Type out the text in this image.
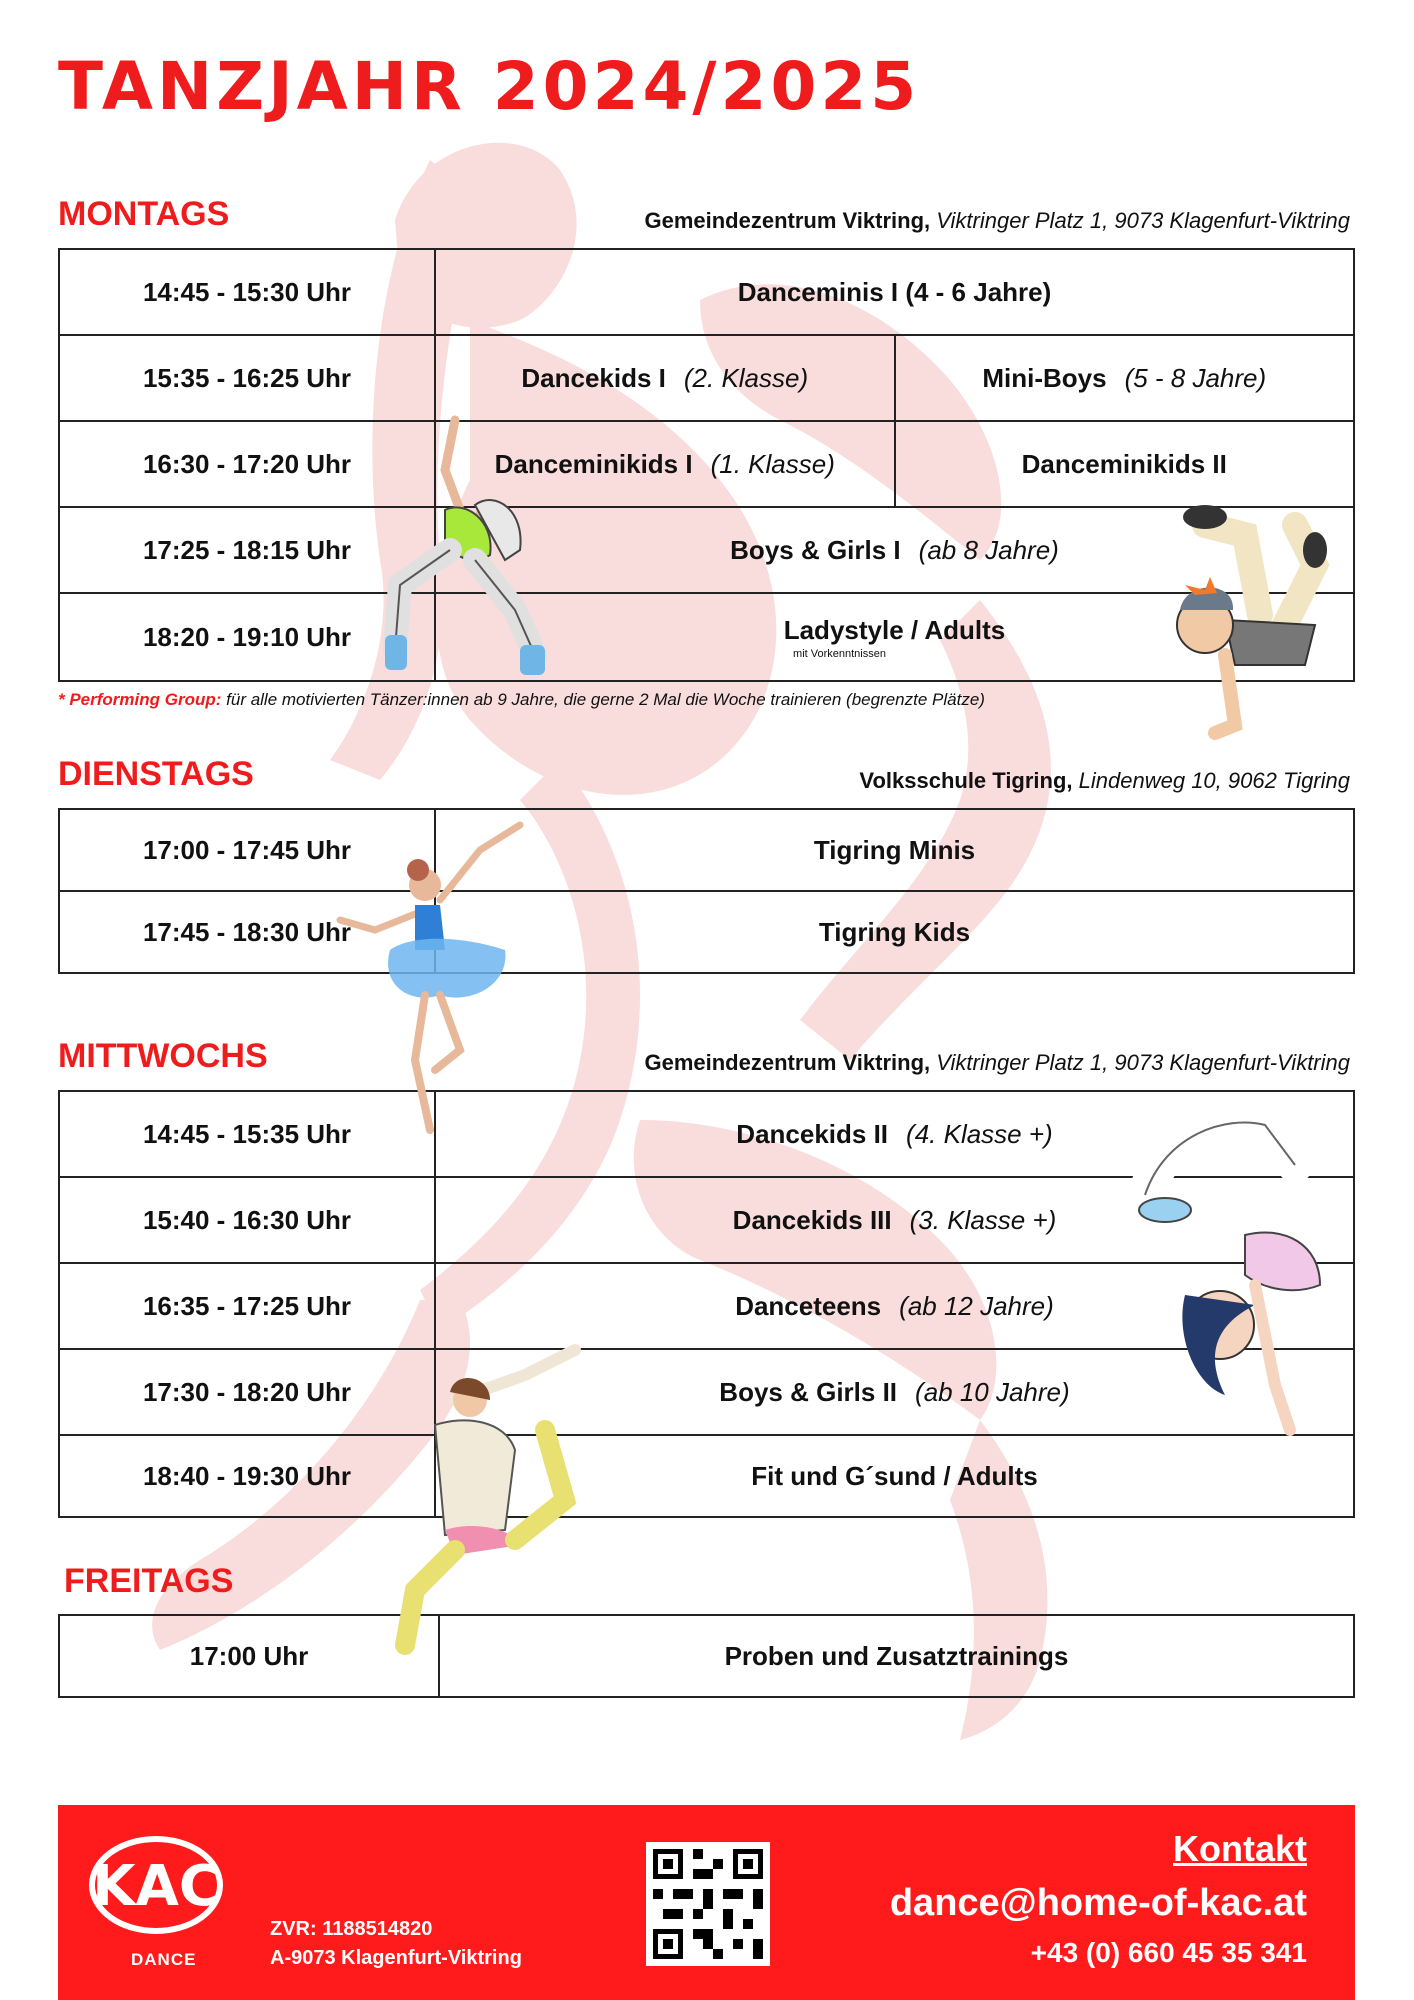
TANZJAHR 2024/2025
MONTAGS	Gemeindezentrum Viktring, Viktringer Platz 1, 9073 Klagenfurt-Viktring
14:45 - 15:30 Uhr	Danceminis I (4 - 6 Jahre)	
15:35 - 16:25 Uhr	Dancekids I (2. Klasse)	Mini-Boys (5 - 8 Jahre)
16:30 - 17:20 Uhr	Danceminikids I (1. Klasse)	Danceminikids II
17:25 - 18:15 Uhr	Boys & Girls I (ab 8 Jahre)	
18:20 - 19:10 Uhr	Ladystyle / Adults
mit Vorkenntnissen	
* Performing Group: für alle motivierten Tänzer:innen ab 9 Jahre, die gerne 2 Mal die Woche trainieren (begrenzte Plätze)
DIENSTAGS	Volksschule Tigring, Lindenweg 10, 9062 Tigring
17:00 - 17:45 Uhr	Tigring Minis
17:45 - 18:30 Uhr	Tigring Kids
MITTWOCHS	Gemeindezentrum Viktring, Viktringer Platz 1, 9073 Klagenfurt-Viktring
14:45 - 15:35 Uhr	Dancekids II (4. Klasse +)
15:40 - 16:30 Uhr	Dancekids III (3. Klasse +)
16:35 - 17:25 Uhr	Danceteens (ab 12 Jahre)
17:30 - 18:20 Uhr	Boys & Girls II (ab 10 Jahre)
18:40 - 19:30 Uhr	Fit und G´sund / Adults
FREITAGS
17:00 Uhr	Proben und Zusatztrainings
KAC
DANCE
ZVR: 1188514820
A-9073 Klagenfurt-Viktring
Kontakt
dance@home-of-kac.at
+43 (0) 660 45 35 341
